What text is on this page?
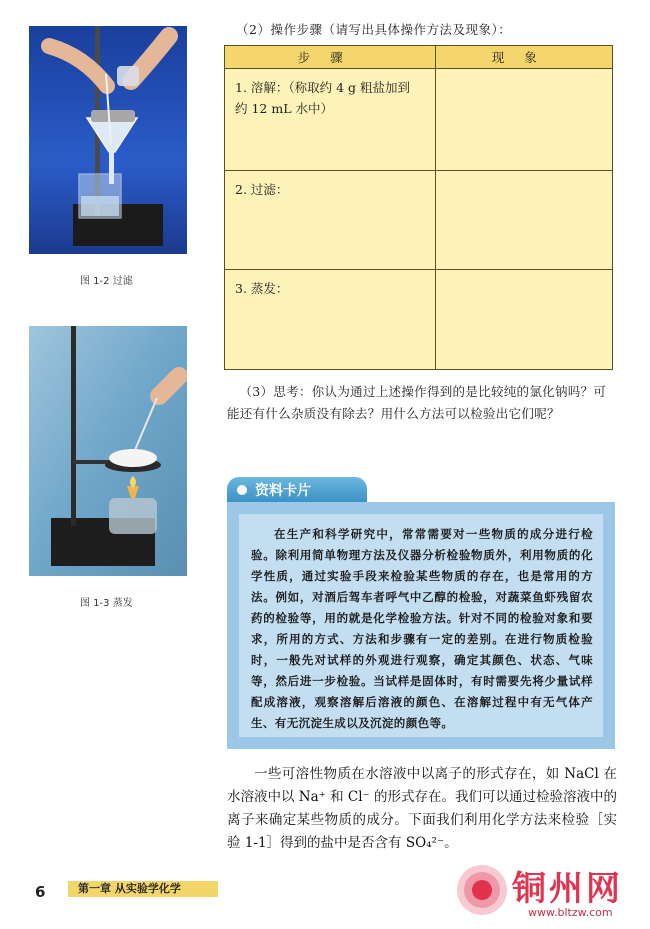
图 1-2 过滤
图 1-3 蒸发
（2）操作步骤（请写出具体操作方法及现象）：
步骤	现象

1. 溶解：（称取约 4 g 粗盐加到约 12 mL 水中）	

2. 过滤：	
3. 蒸发：	
（3）思考：你认为通过上述操作得到的是比较纯的氯化钠吗？可能还有什么杂质没有除去？用什么方法可以检验出它们呢？
资料卡片
在生产和科学研究中，常常需要对一些物质的成分进行检验。除利用简单物理方法及仪器分析检验物质外，利用物质的化学性质，通过实验手段来检验某些物质的存在，也是常用的方法。例如，对酒后驾车者呼气中乙醇的检验，对蔬菜鱼虾残留农药的检验等，用的就是化学检验方法。针对不同的检验对象和要求，所用的方式、方法和步骤有一定的差别。在进行物质检验时，一般先对试样的外观进行观察，确定其颜色、状态、气味等，然后进一步检验。当试样是固体时，有时需要先将少量试样配成溶液，观察溶解后溶液的颜色、在溶解过程中有无气体产生、有无沉淀生成以及沉淀的颜色等。
一些可溶性物质在水溶液中以离子的形式存在，如 NaCl 在水溶液中以 Na⁺ 和 Cl⁻ 的形式存在。我们可以通过检验溶液中的离子来确定某些物质的成分。下面我们利用化学方法来检验［实验 1-1］得到的盐中是否含有 SO₄²⁻。
6	第一章 从实验学化学	铜州网
www.bltzw.com
